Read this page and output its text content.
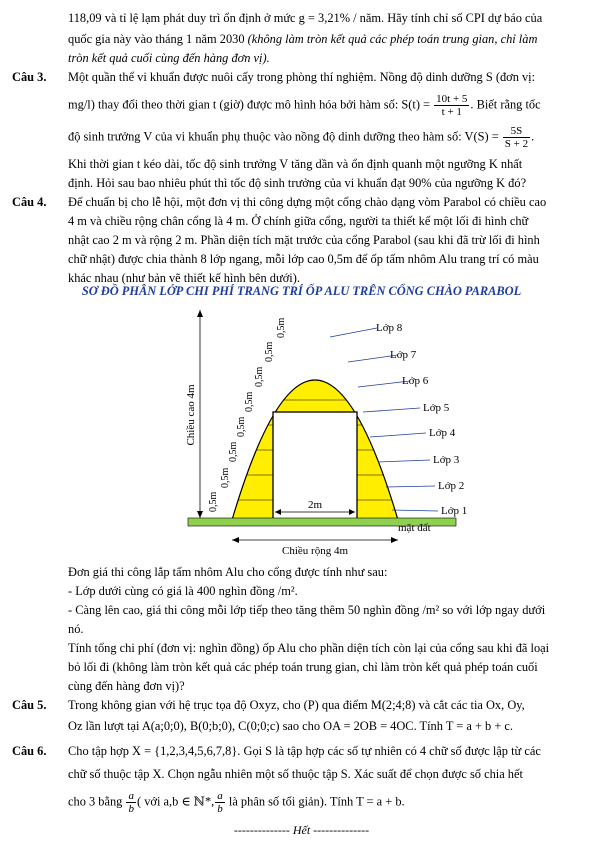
118,09 và tỉ lệ lạm phát duy trì ổn định ở mức g = 3,21% / năm. Hãy tính chỉ số CPI dự báo của
quốc gia này vào tháng 1 năm 2030 (không làm tròn kết quả các phép toán trung gian, chỉ làm
tròn kết quả cuối cùng đến hàng đơn vị).
Câu 3. Một quần thể vi khuẩn được nuôi cấy trong phòng thí nghiệm. Nồng độ dinh dưỡng S (đơn vị:
mg/l) thay đổi theo thời gian t (giờ) được mô hình hóa bởi hàm số: $S(t) = \frac{10t + 5}{t + 1}$ . Biết rằng tốc
độ sinh trưởng V của vi khuẩn phụ thuộc vào nồng độ dinh dưỡng theo hàm số: $V(S) = \frac{5S}{S + 2}$ .
Khi thời gian t kéo dài, tốc độ sinh trưởng V tăng dần và ổn định quanh một ngưỡng K nhất
định. Hỏi sau bao nhiêu phút thì tốc độ sinh trưởng của vi khuẩn đạt 90% của ngưỡng K đó?
Câu 4. Để chuẩn bị cho lễ hội, một đơn vị thi công dựng một cổng chào dạng vòm Parabol có chiều cao
4 m và chiều rộng chân cổng là 4 m. Ở chính giữa cổng, người ta thiết kế một lối đi hình chữ
nhật cao 2 m và rộng 2 m. Phần diện tích mặt trước của cổng Parabol (sau khi đã trừ lối đi hình
chữ nhật) được chia thành 8 lớp ngang, mỗi lớp cao 0,5m để ốp tấm nhôm Alu trang trí có màu
khác nhau (như bản vẽ thiết kế hình bên dưới).
SƠ ĐỒ PHÂN LỚP CHI PHÍ TRANG TRÍ ỐP ALU TRÊN CỔNG CHÀO PARABOL
2m
mặt đất
Chiều cao 4m
Chiều rộng 4m
0,5m
0,5m
0,5m
0,5m
0,5m
0,5m
0,5m
0,5m
Lớp 1
Lớp 2
Lớp 3
Lớp 4
Lớp 5
Lớp 6
Lớp 7
Lớp 8
Đơn giá thi công lắp tấm nhôm Alu cho cổng được tính như sau:
- Lớp dưới cùng có giá là 400 nghìn đồng /m².
- Càng lên cao, giá thi công mỗi lớp tiếp theo tăng thêm 50 nghìn đồng /m² so với lớp ngay dưới
nó.
Tính tổng chi phí (đơn vị: nghìn đồng) ốp Alu cho phần diện tích còn lại của cổng sau khi đã loại
bỏ lối đi (không làm tròn kết quả các phép toán trung gian, chỉ làm tròn kết quả phép toán cuối
cùng đến hàng đơn vị)?
Câu 5. Trong không gian với hệ trục tọa độ Oxyz, cho (P) qua điểm M(2;4;8) và cắt các tia Ox, Oy,
Oz lần lượt tại A(a;0;0), B(0;b;0), C(0;0;c) sao cho OA = 2OB = 4OC. Tính T = a + b + c.
Câu 6. Cho tập hợp X = {1,2,3,4,5,6,7,8}. Gọi S là tập hợp các số tự nhiên có 4 chữ số được lập từ các
chữ số thuộc tập X. Chọn ngẫu nhiên một số thuộc tập S. Xác suất để chọn được số chia hết
cho 3 bằng $\frac{a}{b}$ ( với a,b ∈ ℕ*, $\frac{a}{b}$ là phân số tối giản). Tính T = a + b.
-------------- Hết --------------
